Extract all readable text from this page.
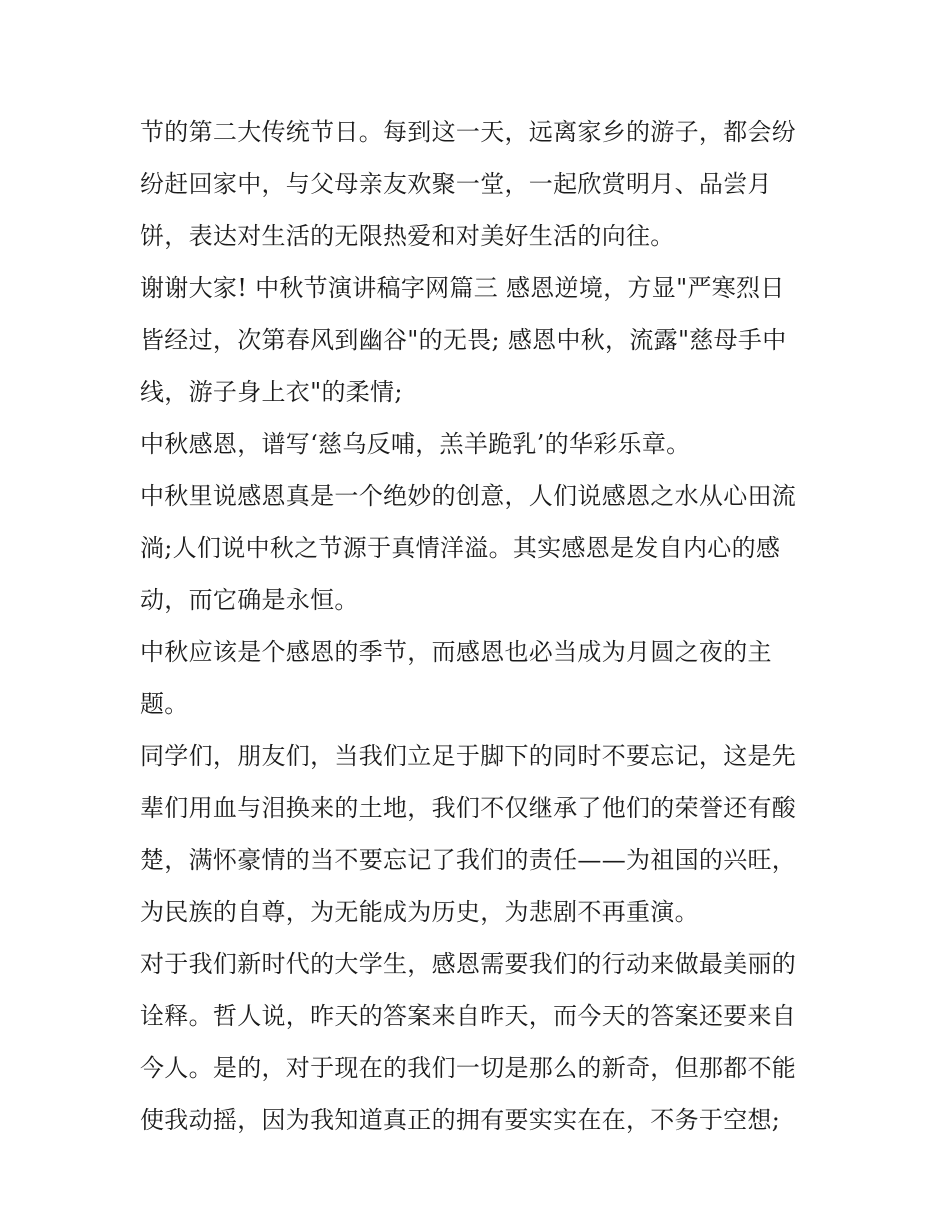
节的第二大传统节日。每到这一天，远离家乡的游子，都会纷
纷赶回家中，与父母亲友欢聚一堂，一起欣赏明月、品尝月
饼，表达对生活的无限热爱和对美好生活的向往。
谢谢大家! 中秋节演讲稿字网篇三 感恩逆境，方显"严寒烈日
皆经过，次第春风到幽谷"的无畏; 感恩中秋，流露"慈母手中
线，游子身上衣"的柔情;
中秋感恩，谱写‘慈乌反哺，羔羊跪乳’的华彩乐章。
中秋里说感恩真是一个绝妙的创意，人们说感恩之水从心田流
淌;人们说中秋之节源于真情洋溢。其实感恩是发自内心的感
动，而它确是永恒。
中秋应该是个感恩的季节，而感恩也必当成为月圆之夜的主
题。
同学们，朋友们，当我们立足于脚下的同时不要忘记，这是先
辈们用血与泪换来的土地，我们不仅继承了他们的荣誉还有酸
楚，满怀豪情的当不要忘记了我们的责任——为祖国的兴旺，
为民族的自尊，为无能成为历史，为悲剧不再重演。
对于我们新时代的大学生，感恩需要我们的行动来做最美丽的
诠释。哲人说，昨天的答案来自昨天，而今天的答案还要来自
今人。是的，对于现在的我们一切是那么的新奇，但那都不能
使我动摇，因为我知道真正的拥有要实实在在，不务于空想;
